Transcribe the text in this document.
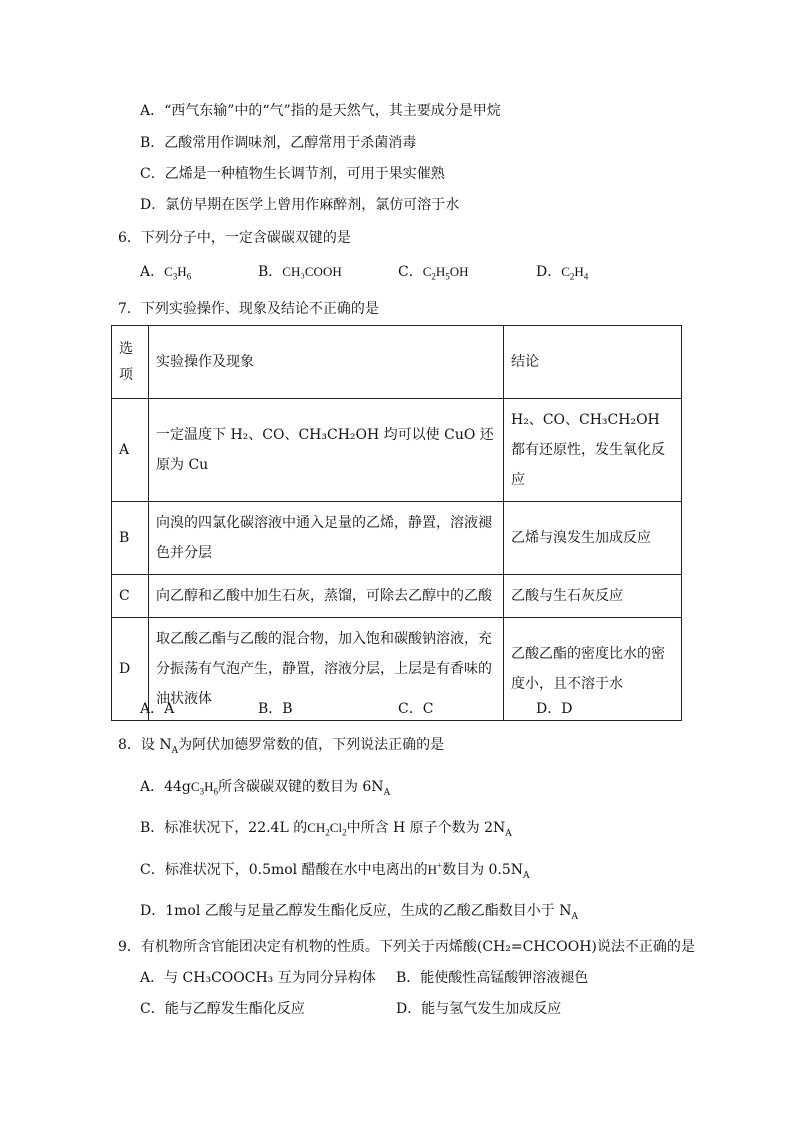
A．“西气东输”中的“气”指的是天然气，其主要成分是甲烷
B．乙酸常用作调味剂，乙醇常用于杀菌消毒
C．乙烯是一种植物生长调节剂，可用于果实催熟
D．氯仿早期在医学上曾用作麻醉剂，氯仿可溶于水
6．下列分子中，一定含碳碳双键的是
A．$C_3H_6$	B．CH₃COOH	C．$C_2H_5OH$	D．$C_2H_4$
7．下列实验操作、现象及结论不正确的是
选项	实验操作及现象	结论
A	一定温度下 H₂、CO、CH₃CH₂OH 均可以使 CuO 还原为 Cu	H₂、CO、CH₃CH₂OH 都有还原性，发生氧化反应
B	向溴的四氯化碳溶液中通入足量的乙烯，静置，溶液褪色并分层	乙烯与溴发生加成反应
C	向乙醇和乙酸中加生石灰，蒸馏，可除去乙醇中的乙酸	乙酸与生石灰反应
D	取乙酸乙酯与乙酸的混合物，加入饱和碳酸钠溶液，充分振荡有气泡产生，静置，溶液分层，上层是有香味的油状液体	乙酸乙酯的密度比水的密度小，且不溶于水
A．A	B．B	C．C	D．D
8．设 $N_A$为阿伏加德罗常数的值，下列说法正确的是
A．$44gC_3H_6$所含碳碳双键的数目为 $6N_A$
B．标准状况下，22.4L 的$CH_2Cl_2$中所含 H 原子个数为 $2N_A$
C．标准状况下，0.5mol 醋酸在水中电离出的H+数目为 $0.5N_A$
D．1mol 乙酸与足量乙醇发生酯化反应，生成的乙酸乙酯数目小于 $N_A$
9．有机物所含官能团决定有机物的性质。下列关于丙烯酸(CH₂=CHCOOH)说法不正确的是
A．与 CH₃COOCH₃ 互为同分异构体 B．能使酸性高锰酸钾溶液褪色
C．能与乙醇发生酯化反应	D．能与氢气发生加成反应
